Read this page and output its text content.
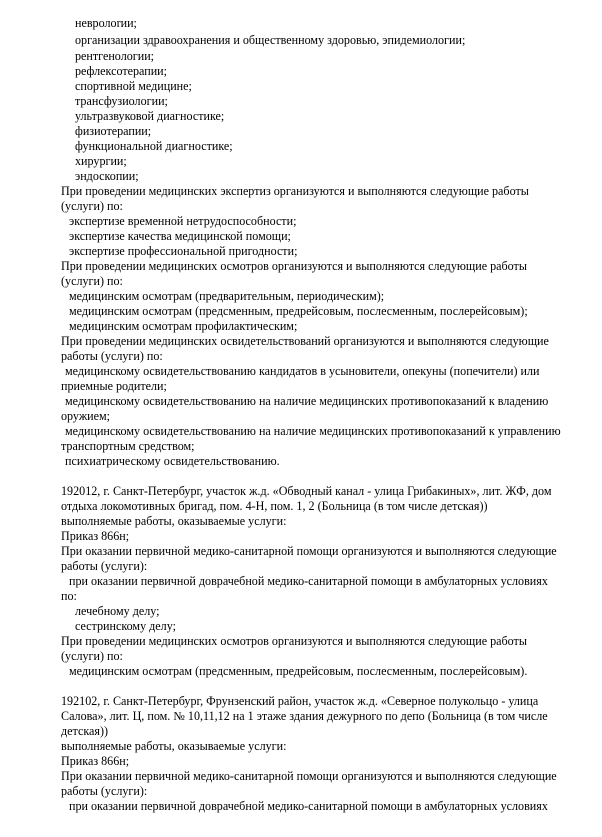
невролоrии;
организации здравоохранения и общественному здоровью, эпидемиологии;
рентгенологии;
рефлексотерапии;
спортивной медицине;
трансфузиологии;
ультразвуковой диагностике;
физиотерапии;
функциональной диагностике;
хирургии;
эндоскопии;
При проведении медицинских экспертиз организуются и выполняются следующие работы
(услуги) по:
экспертизе временной нетрудоспособности;
экспертизе качества медицинской помощи;
экспертизе профессиональной пригодности;
При проведении медицинских осмотров организуются и выполняются следующие работы
(услуги) по:
медицинским осмотрам (предварительным, периодическим);
медицинским осмотрам (предсменным, предрейсовым, послесменным, послерейсовым);
медицинским осмотрам профилактическим;
При проведении медицинских освидетельствований организуются и выполняются следующие
работы (услуги) по:
медицинскому освидетельствованию кандидатов в усыновители, опекуны (попечители) или
приемные родители;
медицинскому освидетельствованию на наличие медицинских противопоказаний к владению
оружием;
медицинскому освидетельствованию на наличие медицинских противопоказаний к управлению
транспортным средством;
психиатрическому освидетельствованию.
192012, г. Санкт-Петербург, участок ж.д. «Обводный канал - улица Грибакиных», лит. ЖФ, дом
отдыха локомотивных бригад, пом. 4-Н, пом. 1, 2 (Больница (в том числе детская))
выполняемые работы, оказываемые услуги:
Приказ 866н;
При оказании первичной медико-санитарной помощи организуются и выполняются следующие
работы (услуги):
при оказании первичной доврачебной медико-санитарной помощи в амбулаторных условиях
по:
лечебному делу;
сестринскому делу;
При проведении медицинских осмотров организуются и выполняются следующие работы
(услуги) по:
медицинским осмотрам (предсменным, предрейсовым, послесменным, послерейсовым).
192102, г. Санкт-Петербург, Фрунзенский район, участок ж.д. «Северное полукольцо - улица
Салова», лит. Ц, пом. № 10,11,12 на 1 этаже здания дежурного по депо (Больница (в том числе
детская))
выполняемые работы, оказываемые услуги:
Приказ 866н;
При оказании первичной медико-санитарной помощи организуются и выполняются следующие
работы (услуги):
при оказании первичной доврачебной медико-санитарной помощи в амбулаторных условиях
